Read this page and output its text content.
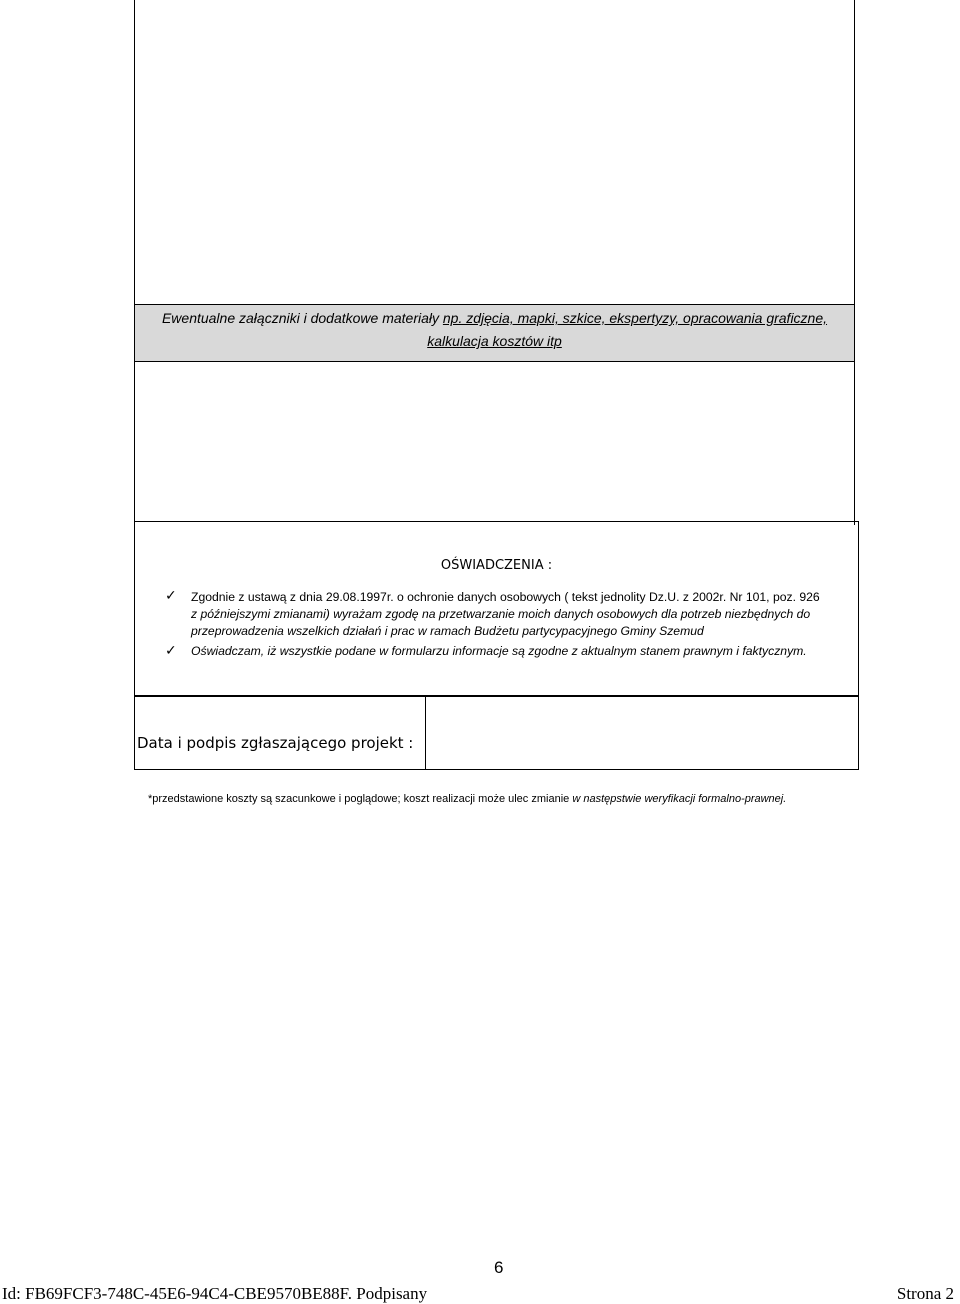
Ewentualne załączniki i dodatkowe materiały np. zdjęcia, mapki, szkice, ekspertyzy, opracowania graficzne,
kalkulacja kosztów itp
OŚWIADCZENIA :
✓ Zgodnie z ustawą z dnia 29.08.1997r. o ochronie danych osobowych ( tekst jednolity Dz.U. z 2002r. Nr 101, poz. 926
z późniejszymi zmianami) wyrażam zgodę na przetwarzanie moich danych osobowych dla potrzeb niezbędnych do
przeprowadzenia wszelkich działań i prac w ramach Budżetu partycypacyjnego Gminy Szemud
✓ Oświadczam, iż wszystkie podane w formularzu informacje są zgodne z aktualnym stanem prawnym i faktycznym.
Data i podpis zgłaszającego projekt :
*przedstawione koszty są szacunkowe i poglądowe; koszt realizacji może ulec zmianie w następstwie weryfikacji formalno-prawnej.
6
Id: FB69FCF3-748C-45E6-94C4-CBE9570BE88F. Podpisany	Strona 2
